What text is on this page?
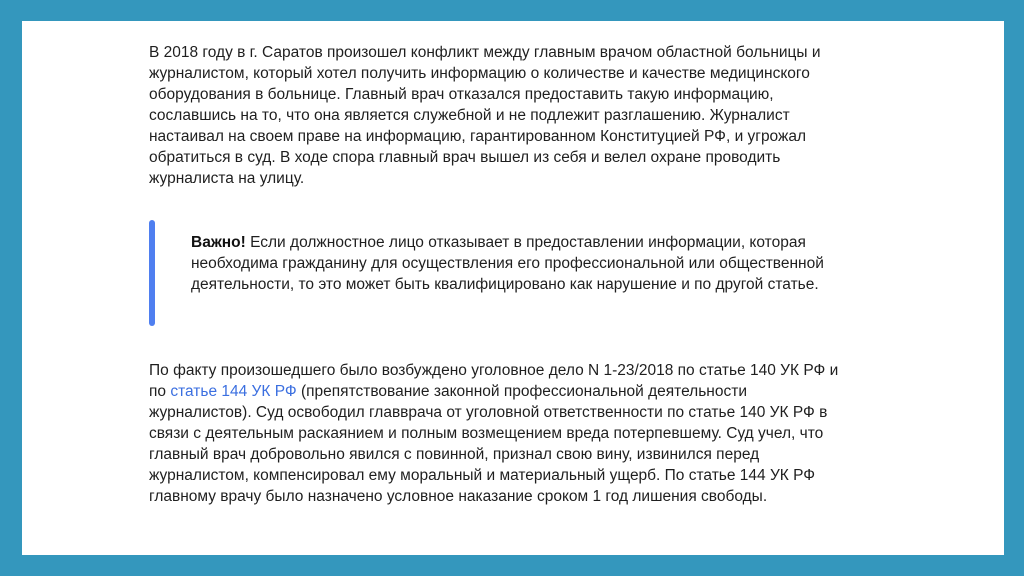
В 2018 году в г. Саратов произошел конфликт между главным врачом областной больницы и журналистом, который хотел получить информацию о количестве и качестве медицинского оборудования в больнице. Главный врач отказался предоставить такую информацию, сославшись на то, что она является служебной и не подлежит разглашению. Журналист настаивал на своем праве на информацию, гарантированном Конституцией РФ, и угрожал обратиться в суд. В ходе спора главный врач вышел из себя и велел охране проводить журналиста на улицу.

Важно! Если должностное лицо отказывает в предоставлении информации, которая необходима гражданину для осуществления его профессиональной или общественной деятельности, то это может быть квалифицировано как нарушение и по другой статье.

По факту произошедшего было возбуждено уголовное дело N 1-23/2018 по статье 140 УК РФ и по статье 144 УК РФ (препятствование законной профессиональной деятельности журналистов). Суд освободил главврача от уголовной ответственности по статье 140 УК РФ в связи с деятельным раскаянием и полным возмещением вреда потерпевшему. Суд учел, что главный врач добровольно явился с повинной, признал свою вину, извинился перед журналистом, компенсировал ему моральный и материальный ущерб. По статье 144 УК РФ главному врачу было назначено условное наказание сроком 1 год лишения свободы.
